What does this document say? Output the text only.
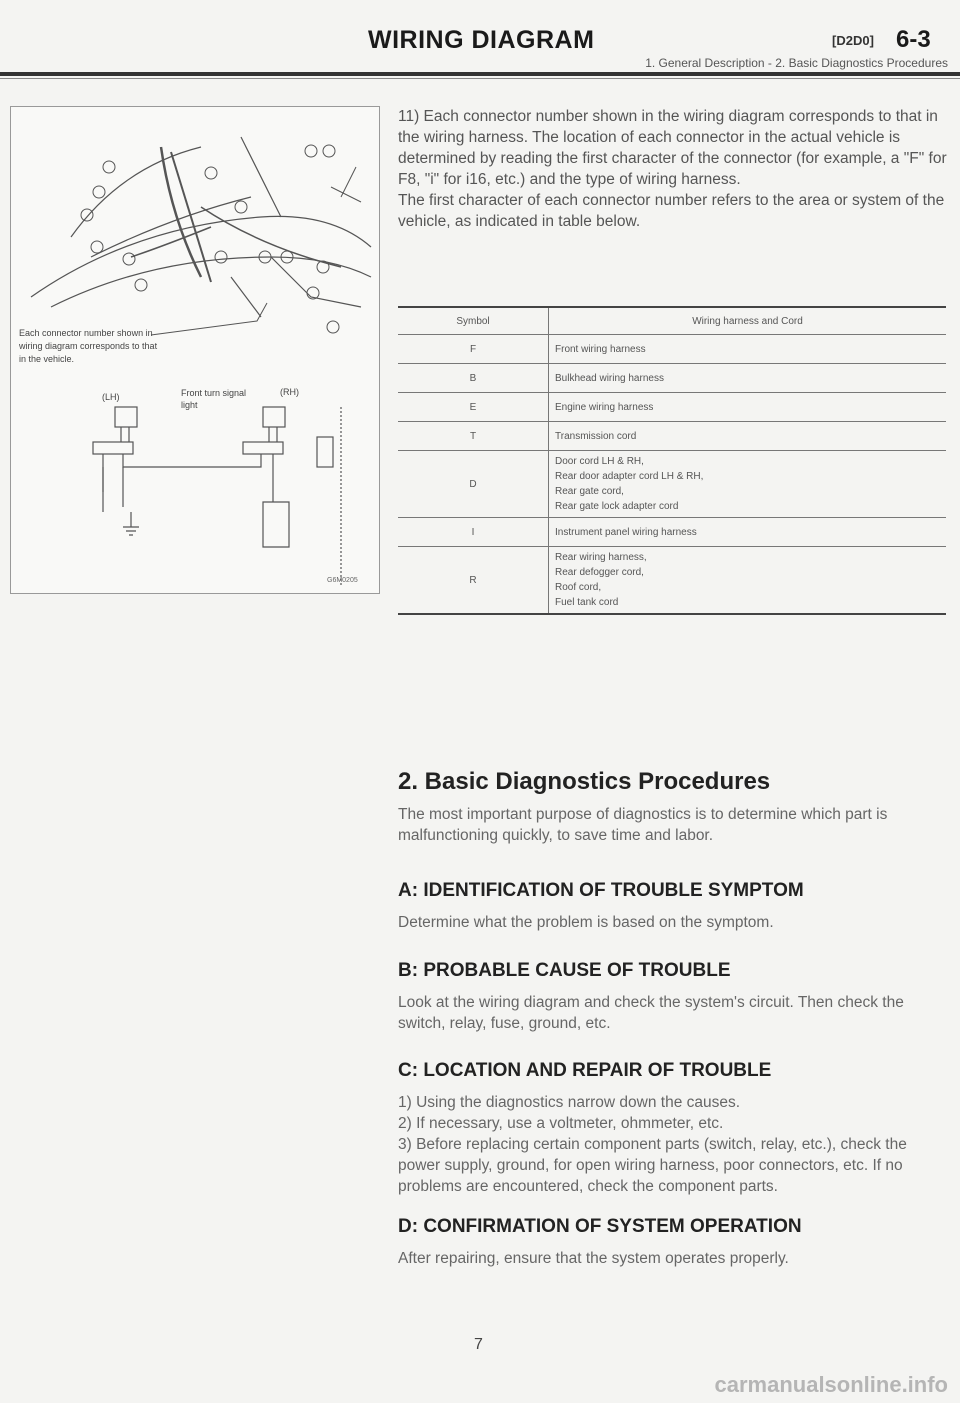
WIRING DIAGRAM	[D2D0] 6-3
1. General Description - 2. Basic Diagnostics Procedures
Each connector number shown in wiring diagram corresponds to that in the vehicle.
(LH)	(RH)
Front turn signal light
G6M0205

11) Each connector number shown in the wiring diagram corresponds to that in the wiring harness. The location of each connector in the actual vehicle is determined by reading the first character of the connector (for example, a "F" for F8, "i" for i16, etc.) and the type of wiring harness.

The first character of each connector number refers to the area or system of the vehicle, as indicated in table below.

Symbol	Wiring harness and Cord
F	Front wiring harness

B	Bulkhead wiring harness

E	Engine wiring harness

T	Transmission cord

D	Door cord LH & RH,
Rear door adapter cord LH & RH,
Rear gate cord,
Rear gate lock adapter cord

I	Instrument panel wiring harness

R	Rear wiring harness,
Rear defogger cord,
Roof cord,
Fuel tank cord
2. Basic Diagnostics Procedures
The most important purpose of diagnostics is to determine which part is malfunctioning quickly, to save time and labor.
A: IDENTIFICATION OF TROUBLE SYMPTOM
Determine what the problem is based on the symptom.
B: PROBABLE CAUSE OF TROUBLE
Look at the wiring diagram and check the system's circuit. Then check the switch, relay, fuse, ground, etc.
C: LOCATION AND REPAIR OF TROUBLE
1) Using the diagnostics narrow down the causes.
2) If necessary, use a voltmeter, ohmmeter, etc.
3) Before replacing certain component parts (switch, relay, etc.), check the power supply, ground, for open wiring harness, poor connectors, etc. If no problems are encountered, check the component parts.
D: CONFIRMATION OF SYSTEM OPERATION
After repairing, ensure that the system operates properly.
7
carmanualsonline.info
